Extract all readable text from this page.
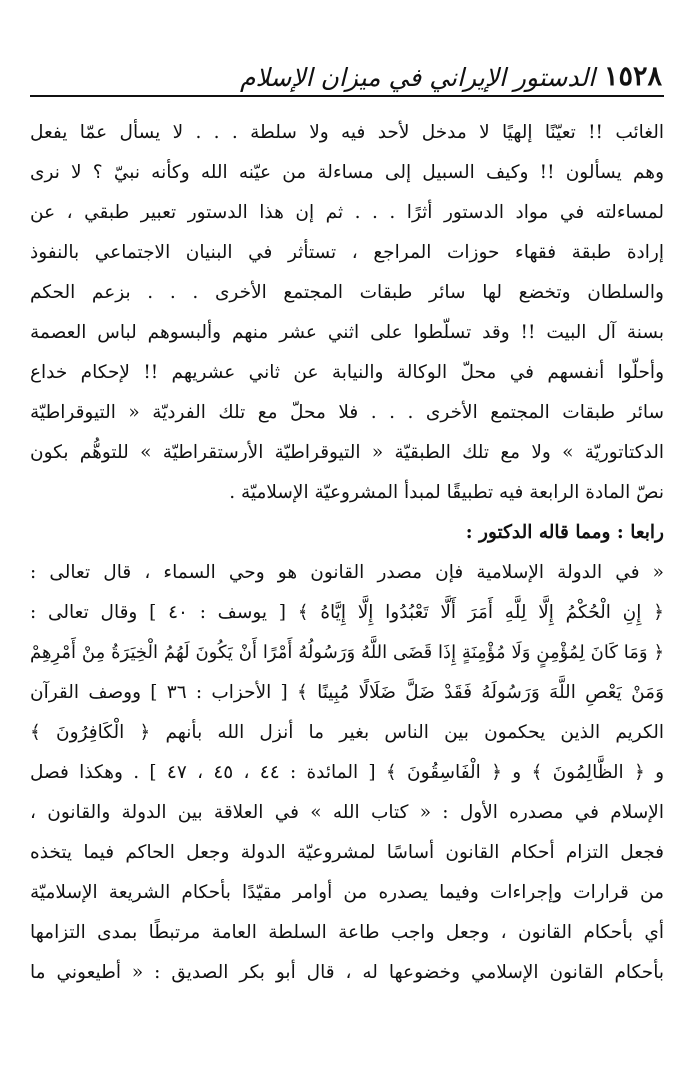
الدستور الإيراني في ميزان الإسلام ١٥٢٨
الغائب !! تعيّنًا إلهيًا لا مدخل لأحد فيه ولا سلطة . . . لا يسأل عمّا يفعل
وهم يسألون !! وكيف السبيل إلى مساءلة من عيّنه الله وكأنه نبيّ ؟ لا نرى
لمساءلته في مواد الدستور أثرًا . . . ثم إن هذا الدستور تعبير طبقي ، عن
إرادة طبقة فقهاء حوزات المراجع ، تستأثر في البنيان الاجتماعي بالنفوذ
والسلطان وتخضع لها سائر طبقات المجتمع الأخرى . . . بزعم الحكم
بسنة آل البيت !! وقد تسلّطوا على اثني عشر منهم وألبسوهم لباس العصمة
وأحلّوا أنفسهم في محلّ الوكالة والنيابة عن ثاني عشريهم !! لإحكام خداع
سائر طبقات المجتمع الأخرى . . . فلا محلّ مع تلك الفرديّة « التيوقراطيّة
الدكتاتوريّة » ولا مع تلك الطبقيّة « التيوقراطيّة الأرستقراطيّة » للتوهُّم بكون
نصّ المادة الرابعة فيه تطبيقًا لمبدأ المشروعيّة الإسلاميّة .
رابعا : ومما قاله الدكتور :
« في الدولة الإسلامية فإن مصدر القانون هو وحي السماء ، قال تعالى :
﴿ إِنِ الْحُكْمُ إِلَّا لِلَّهِ أَمَرَ أَلَّا تَعْبُدُوا إِلَّا إِيَّاهُ ﴾ [ يوسف : ٤٠ ] وقال تعالى :
﴿ وَمَا كَانَ لِمُؤْمِنٍ وَلَا مُؤْمِنَةٍ إِذَا قَضَى اللَّهُ وَرَسُولُهُ أَمْرًا أَنْ يَكُونَ لَهُمُ الْخِيَرَةُ مِنْ أَمْرِهِمْ
وَمَنْ يَعْصِ اللَّهَ وَرَسُولَهُ فَقَدْ ضَلَّ ضَلَالًا مُبِينًا ﴾ [ الأحزاب : ٣٦ ] ووصف القرآن
الكريم الذين يحكمون بين الناس بغير ما أنزل الله بأنهم ﴿ الْكَافِرُونَ ﴾
و ﴿ الظَّالِمُونَ ﴾ و ﴿ الْفَاسِقُونَ ﴾ [ المائدة : ٤٤ ، ٤٥ ، ٤٧ ] . وهكذا فصل
الإسلام في مصدره الأول : « كتاب الله » في العلاقة بين الدولة والقانون ،
فجعل التزام أحكام القانون أساسًا لمشروعيّة الدولة وجعل الحاكم فيما يتخذه
من قرارات وإجراءات وفيما يصدره من أوامر مقيّدًا بأحكام الشريعة الإسلاميّة
أي بأحكام القانون ، وجعل واجب طاعة السلطة العامة مرتبطًا بمدى التزامها
بأحكام القانون الإسلامي وخضوعها له ، قال أبو بكر الصديق : « أطيعوني ما
